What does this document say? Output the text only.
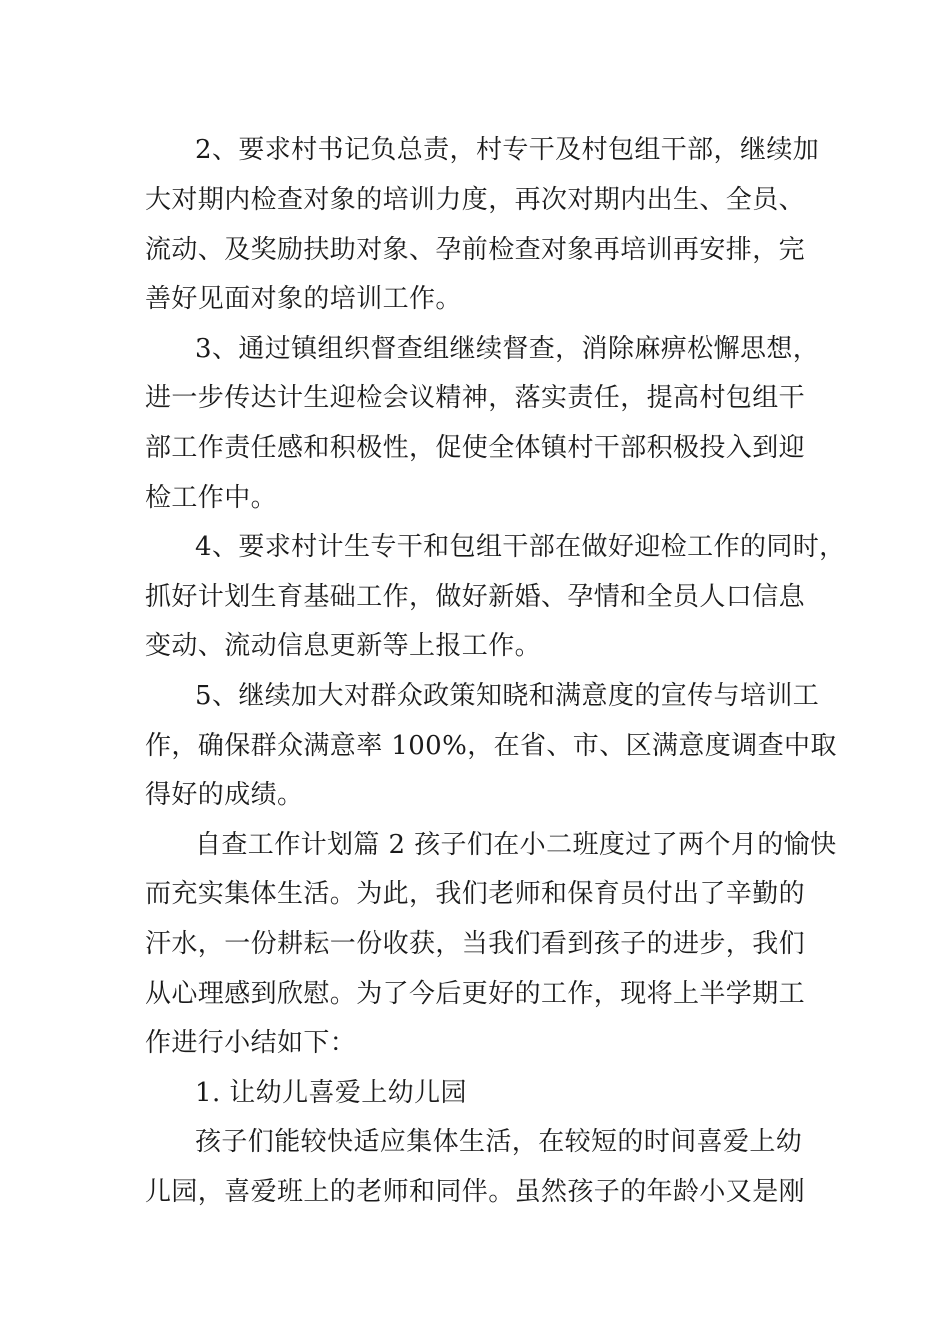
2、要求村书记负总责，村专干及村包组干部，继续加
大对期内检查对象的培训力度，再次对期内出生、全员、
流动、及奖励扶助对象、孕前检查对象再培训再安排，完
善好见面对象的培训工作。
3、通过镇组织督查组继续督查，消除麻痹松懈思想，
进一步传达计生迎检会议精神，落实责任，提高村包组干
部工作责任感和积极性，促使全体镇村干部积极投入到迎
检工作中。
4、要求村计生专干和包组干部在做好迎检工作的同时，
抓好计划生育基础工作，做好新婚、孕情和全员人口信息
变动、流动信息更新等上报工作。
5、继续加大对群众政策知晓和满意度的宣传与培训工
作，确保群众满意率 100%，在省、市、区满意度调查中取
得好的成绩。
自查工作计划篇 2 孩子们在小二班度过了两个月的愉快
而充实集体生活。为此，我们老师和保育员付出了辛勤的
汗水，一份耕耘一份收获，当我们看到孩子的进步，我们
从心理感到欣慰。为了今后更好的工作，现将上半学期工
作进行小结如下：
1. 让幼儿喜爱上幼儿园
孩子们能较快适应集体生活，在较短的时间喜爱上幼
儿园，喜爱班上的老师和同伴。虽然孩子的年龄小又是刚
